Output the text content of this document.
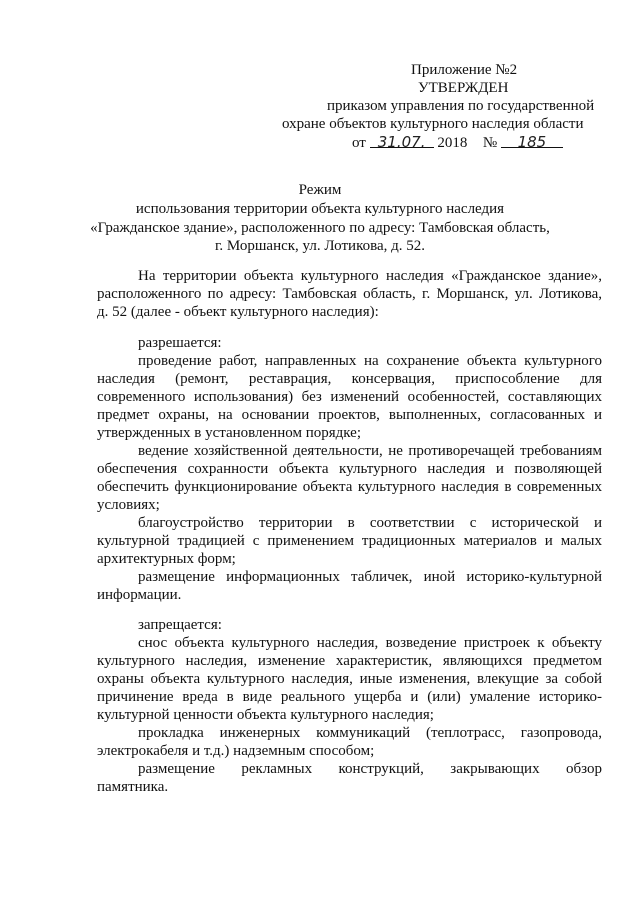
Приложение №2
УТВЕРЖДЕН
приказом управления по государственной
охране объектов культурного наследия области
от 31.07. 2018 № 185
Режим
использования территории объекта культурного наследия
«Гражданское здание», расположенного по адресу: Тамбовская область,
г. Моршанск, ул. Лотикова, д. 52.
На территории объекта культурного наследия «Гражданское здание»,
расположенного по адресу: Тамбовская область, г. Моршанск, ул. Лотикова,
д. 52 (далее - объект культурного наследия):
разрешается:
проведение работ, направленных на сохранение объекта культурного
наследия (ремонт, реставрация, консервация, приспособление для
современного использования) без изменений особенностей, составляющих
предмет охраны, на основании проектов, выполненных, согласованных и
утвержденных в установленном порядке;
ведение хозяйственной деятельности, не противоречащей требованиям
обеспечения сохранности объекта культурного наследия и позволяющей
обеспечить функционирование объекта культурного наследия в современных
условиях;
благоустройство территории в соответствии с исторической и
культурной традицией с применением традиционных материалов и малых
архитектурных форм;
размещение информационных табличек, иной историко-культурной
информации.
запрещается:
снос объекта культурного наследия, возведение пристроек к объекту
культурного наследия, изменение характеристик, являющихся предметом
охраны объекта культурного наследия, иные изменения, влекущие за собой
причинение вреда в виде реального ущерба и (или) умаление историко-
культурной ценности объекта культурного наследия;
прокладка инженерных коммуникаций (теплотрасс, газопровода,
электрокабеля и т.д.) надземным способом;
размещение рекламных конструкций, закрывающих обзор
памятника.
